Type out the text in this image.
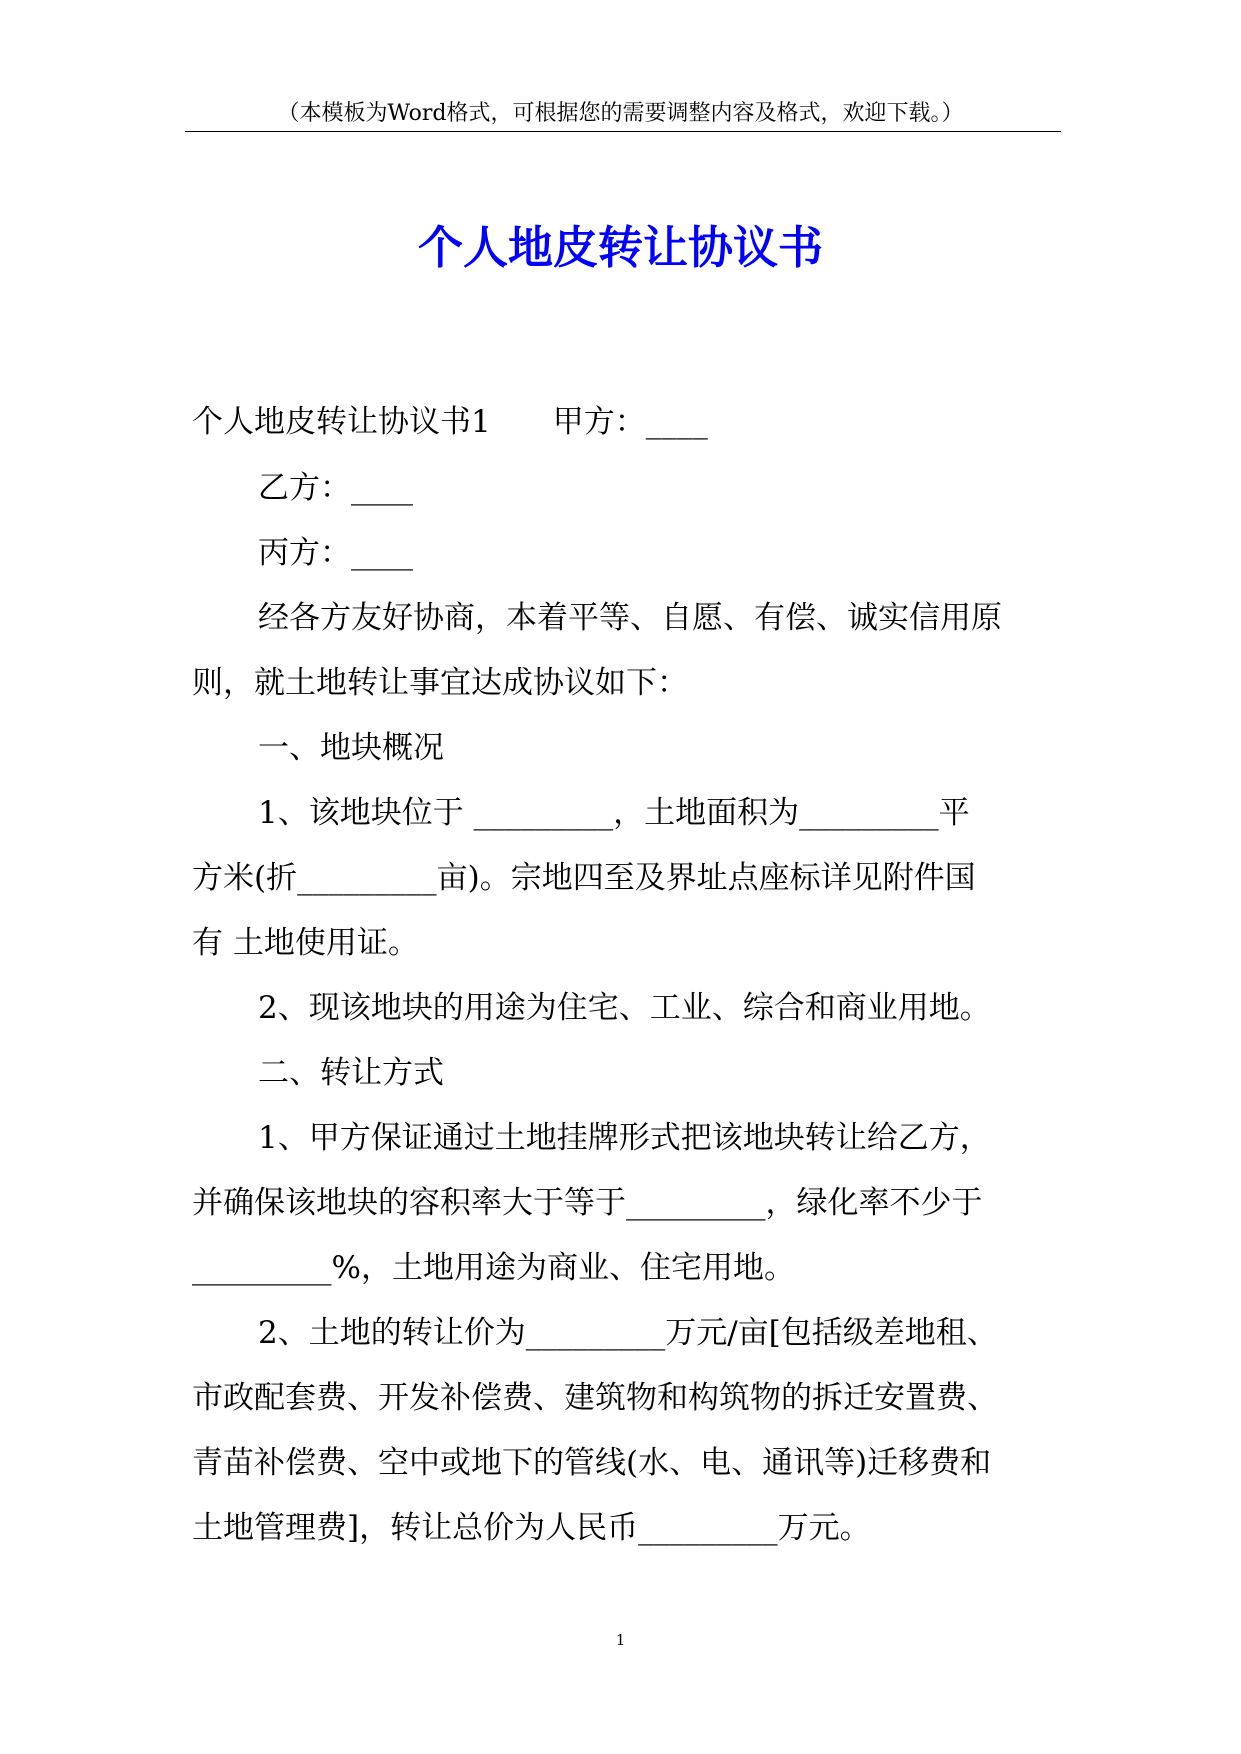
（本模板为Word格式，可根据您的需要调整内容及格式，欢迎下载。）
个人地皮转让协议书
个人地皮转让协议书1　　甲方：____
乙方：____
丙方：____
经各方友好协商，本着平等、自愿、有偿、诚实信用原
则，就土地转让事宜达成协议如下：
一、地块概况
1、该地块位于 _________，土地面积为_________平
方米(折_________亩)。宗地四至及界址点座标详见附件国
有 土地使用证。
2、现该地块的用途为住宅、工业、综合和商业用地。
二、转让方式
1、甲方保证通过土地挂牌形式把该地块转让给乙方，
并确保该地块的容积率大于等于_________，绿化率不少于
_________%，土地用途为商业、住宅用地。
2、土地的转让价为_________万元/亩[包括级差地租、
市政配套费、开发补偿费、建筑物和构筑物的拆迁安置费、
青苗补偿费、空中或地下的管线(水、电、通讯等)迁移费和
土地管理费]，转让总价为人民币_________万元。
1
